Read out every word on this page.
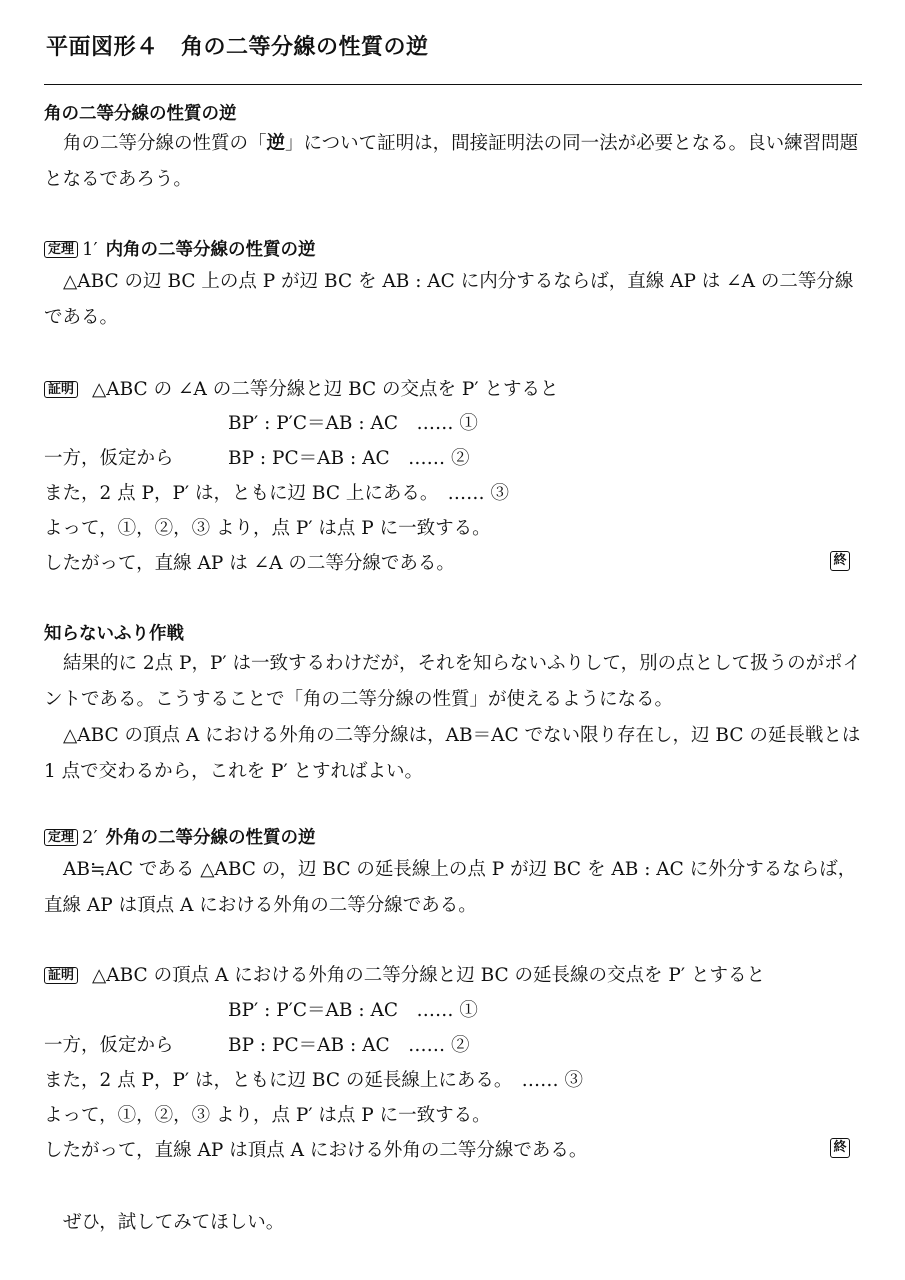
平面図形４　角の二等分線の性質の逆
角の二等分線の性質の逆

角の二等分線の性質の「逆」について証明は，間接証明法の同一法が必要となる。良い練習問題となるであろう。

定理 1′ 内角の二等分線の性質の逆

△ABC の辺 BC 上の点 P が辺 BC を AB : AC に内分するならば，直線 AP は ∠A の二等分線である。

証明 △ABC の ∠A の二等分線と辺 BC の交点を P′ とすると
BP′ : P′C＝AB : AC　…… ①
一方，仮定から	BP : PC＝AB : AC　…… ②
また，2 点 P，P′ は，ともに辺 BC 上にある。　…… ③
よって，①，②，③ より，点 P′ は点 P に一致する。
したがって，直線 AP は ∠A の二等分線である。	終
知らないふり作戦

結果的に 2点 P，P′ は一致するわけだが，それを知らないふりして，別の点として扱うのがポイントである。こうすることで「角の二等分線の性質」が使えるようになる。

△ABC の頂点 A における外角の二等分線は，AB＝AC でない限り存在し，辺 BC の延長戦とは 1 点で交わるから，これを P′ とすればよい。

定理 2′ 外角の二等分線の性質の逆

AB≒AC である △ABC の，辺 BC の延長線上の点 P が辺 BC を AB : AC に外分するならば，直線 AP は頂点 A における外角の二等分線である。

証明 △ABC の頂点 A における外角の二等分線と辺 BC の延長線の交点を P′ とすると
BP′ : P′C＝AB : AC　…… ①
一方，仮定から	BP : PC＝AB : AC　…… ②
また，2 点 P，P′ は，ともに辺 BC の延長線上にある。　…… ③
よって，①，②，③ より，点 P′ は点 P に一致する。
したがって，直線 AP は頂点 A における外角の二等分線である。	終
ぜひ，試してみてほしい。
